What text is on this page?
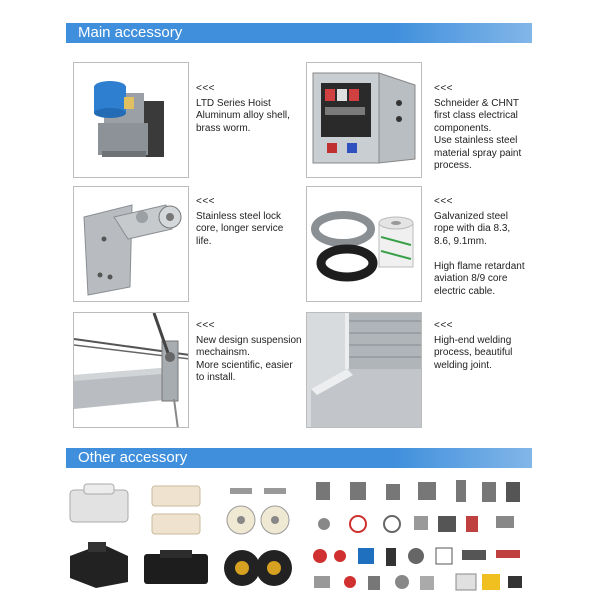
Main accessory
<<<
LTD Series Hoist
Aluminum alloy shell,
brass worm.
<<<
Schneider & CHNT
first class electrical
components.
Use stainless steel
material spray paint
process.
<<<
Stainless steel lock
core, longer service
life.
<<<
Galvanized steel
rope with dia 8.3,
8.6, 9.1mm.

High flame retardant
aviation 8/9 core
electric cable.
<<<
New design suspension
mechainsm.
More scientific, easier
to install.
<<<
High-end welding
process, beautiful
welding joint.
Other accessory
